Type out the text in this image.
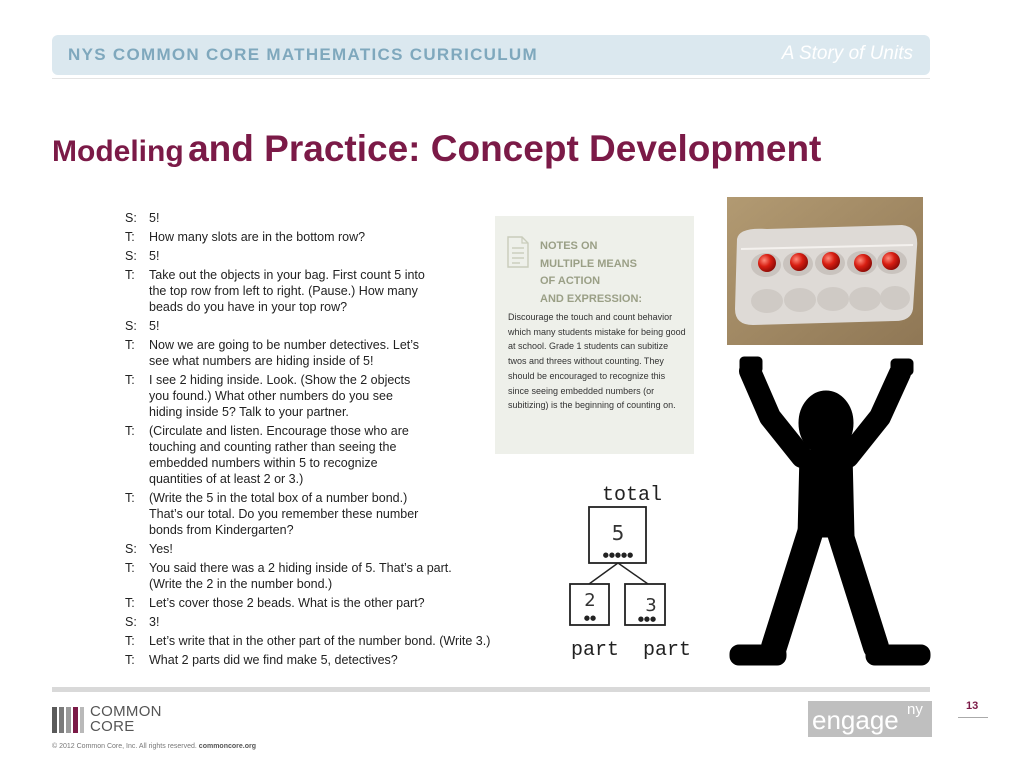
NYS COMMON CORE MATHEMATICS CURRICULUM	A Story of Units
Modeling and Practice: Concept Development
S: 5!
T:	How many slots are in the bottom row?
S: 5!
T:	Take out the objects in your bag. First count 5 into
the top row from left to right. (Pause.) How many
beads do you have in your top row?
S: 5!
T:	Now we are going to be number detectives. Let’s
see what numbers are hiding inside of 5!
T:	I see 2 hiding inside. Look. (Show the 2 objects
you found.) What other numbers do you see
hiding inside 5? Talk to your partner.
T:	(Circulate and listen. Encourage those who are
touching and counting rather than seeing the
embedded numbers within 5 to recognize
quantities of at least 2 or 3.)
T:	(Write the 5 in the total box of a number bond.)
That’s our total. Do you remember these number
bonds from Kindergarten?
S: Yes!
T:	You said there was a 2 hiding inside of 5. That’s a part.
(Write the 2 in the number bond.)
T:	Let’s cover those 2 beads. What is the other part?
S: 3!
T:	Let’s write that in the other part of the number bond. (Write 3.)
T:	What 2 parts did we find make 5, detectives?
NOTES ON
MULTIPLE MEANS
OF ACTION
AND EXPRESSION:
Discourage the touch and count behavior which many students mistake for being good at school. Grade 1 students can subitize twos and threes without counting. They should be encouraged to recognize this since seeing embedded numbers (or subitizing) is the beginning of counting on.
total
5
●●●●●
2	3
●●	●●●
part part
COMMON
CORE
© 2012 Common Core, Inc. All rights reserved. commoncore.org
engage ny	13
